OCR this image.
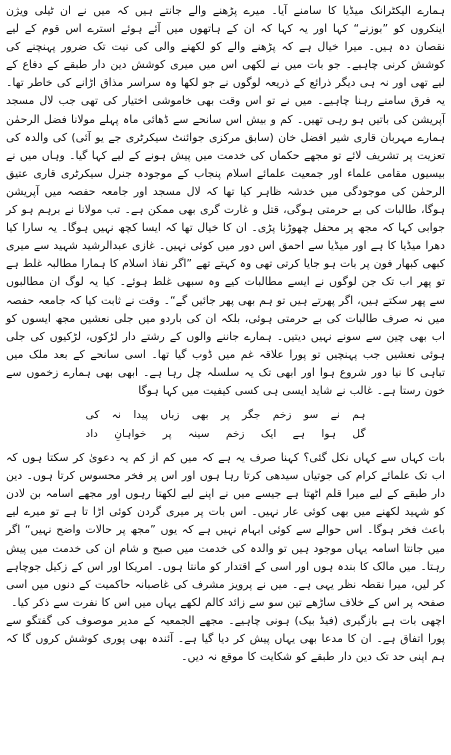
ہمارے الیکٹرانک میڈیا کا سامنے آیا۔ میرے پڑھنے والے جانتے ہیں کہ میں نے ان ٹیلی ویژن اینکروں کو ”بوزنے“ کہا اور یہ کہا کہ ان کے ہاتھوں میں آئے ہوئے استرے اس قوم کے لیے نقصان دہ ہیں۔ میرا خیال ہے کہ پڑھنے والے کو لکھنے والی کی نیت تک ضرور پہنچنے کی کوشش کرنی چاہیے۔ جو بات میں نے لکھی اس میں میری کوشش دین دار طبقے کے دفاع کے لیے تھی اور نہ ہی دیگر ذرائع کے ذریعہ لوگوں نے جو لکھا وہ سراسر مذاق اڑانے کی خاطر تھا۔ یہ فرق سامنے رہنا چاہیے۔ میں نے تو اس وقت بھی خاموشی اختیار کی تھی جب لال مسجد آپریشن کی باتیں ہو رہی تھیں۔ کم و بیش اس سانحے سے ڈھائی ماہ پہلے مولانا فضل الرحمٰن ہمارے مہربان قاری شیر افضل خان (سابق مرکزی جوائنٹ سیکرٹری جے یو آئی) کی والدہ کی تعزیت پر تشریف لائے تو مجھے حکماں کی خدمت میں پیش ہونے کے لیے کہا گیا۔ وہاں میں نے بیسیوں مقامی علماء اور جمعیت علمائے اسلام پنجاب کے موجودہ جنرل سیکرٹری قاری عتیق الرحمٰن کی موجودگی میں خدشہ ظاہر کیا تھا کہ لال مسجد اور جامعہ حفصہ میں آپریشن ہوگا، طالبات کی بے حرمتی ہوگی، قتل و غارت گری بھی ممکن ہے۔ تب مولانا نے برہم ہو کر جوابی کہا کہ مجھ پر محفل چھوڑنا پڑی۔ ان کا خیال تھا کہ ایسا کچھ نہیں ہوگا۔ یہ سارا کیا دھرا میڈیا کا ہے اور میڈیا سے احمق اس دور میں کوئی نہیں۔ غازی عبدالرشید شہید سے میری کبھی کبھار فون پر بات ہو جایا کرتی تھی وہ کہتے تھے ”اگر نفاذ اسلام کا ہمارا مطالبہ غلط ہے تو پھر اب تک جن لوگوں نے ایسے مطالبات کیے وہ سبھی غلط ہوئے۔ کیا یہ لوگ ان مطالبوں سے پھر سکتے ہیں، اگر پھرتے ہیں تو ہم بھی پھر جائیں گے“۔ وقت نے ثابت کیا کہ جامعہ حفصہ میں نہ صرف طالبات کی بے حرمتی ہوئی، بلکہ ان کی باردو میں جلی نعشیں مجھ ایسوں کو اب بھی چین سے سونے نہیں دیتیں۔ ہمارے جاننے والوں کے رشتے دار لڑکوں، لڑکیوں کی جلی ہوئی نعشیں جب پہنچیں تو پورا علاقہ غم میں ڈوب گیا تھا۔ اسی سانحے کے بعد ملک میں تباہی کا نیا دور شروع ہوا اور ابھی تک یہ سلسلہ چل رہا ہے۔ ابھی بھی ہمارے زخموں سے خون رستا ہے۔ غالب نے شاید ایسی ہی کسی کیفیت میں کہا ہوگا

ہم نے سو زخم جگر پر بھی زباں پیدا نہ کی
گل ہوا ہے ایک زخم سینہ پر خواہانِ داد

بات کہاں سے کہاں نکل گئی؟ کہنا صرف یہ ہے کہ میں کم از کم یہ دعویٰ کر سکتا ہوں کہ اب تک علمائے کرام کی جوتیاں سیدھی کرتا رہا ہوں اور اس پر فخر محسوس کرتا ہوں۔ دین دار طبقے کے لیے میرا قلم اٹھتا ہے جیسے میں نے اپنے لیے لکھتا رہوں اور مجھے اسامہ بن لادن کو شہید لکھنے میں بھی کوئی عار نہیں۔ اس بات پر میری گردن کوئی اڑا تا ہے تو میرے لیے باعث فخر ہوگا۔ اس حوالے سے کوئی ابہام نہیں ہے کہ یوں ”مجھ پر حالات واضح نہیں“ اگر میں جانتا اسامہ یہاں موجود ہیں تو والدہ کی خدمت میں صبح و شام ان کی خدمت میں پیش رہتا۔ میں مالک کا بندہ ہوں اور اسی کے اقتدار کو مانتا ہوں۔ امریکا اور اس کے زکیل جوچاہے کر لیں، میرا نقطہ نظر یہی ہے۔ میں نے پرویز مشرف کی غاصبانہ حاکمیت کے دنوں میں اسی صفحہ پر اس کے خلاف ساڑھے تین سو سے زائد کالم لکھے یہاں میں اس کا نفرت سے ذکر کیا۔

اچھی بات ہے بازگیری (فیڈ بیک) ہونی چاہیے۔ مجھے الجمعیہ کے مدیر موصوف کی گفتگو سے پورا اتفاق ہے۔ ان کا مدعا بھی یہاں پیش کر دیا گیا ہے۔ آئندہ بھی پوری کوشش کروں گا کہ ہم اپنی حد تک دین دار طبقے کو شکایت کا موقع نہ دیں۔
